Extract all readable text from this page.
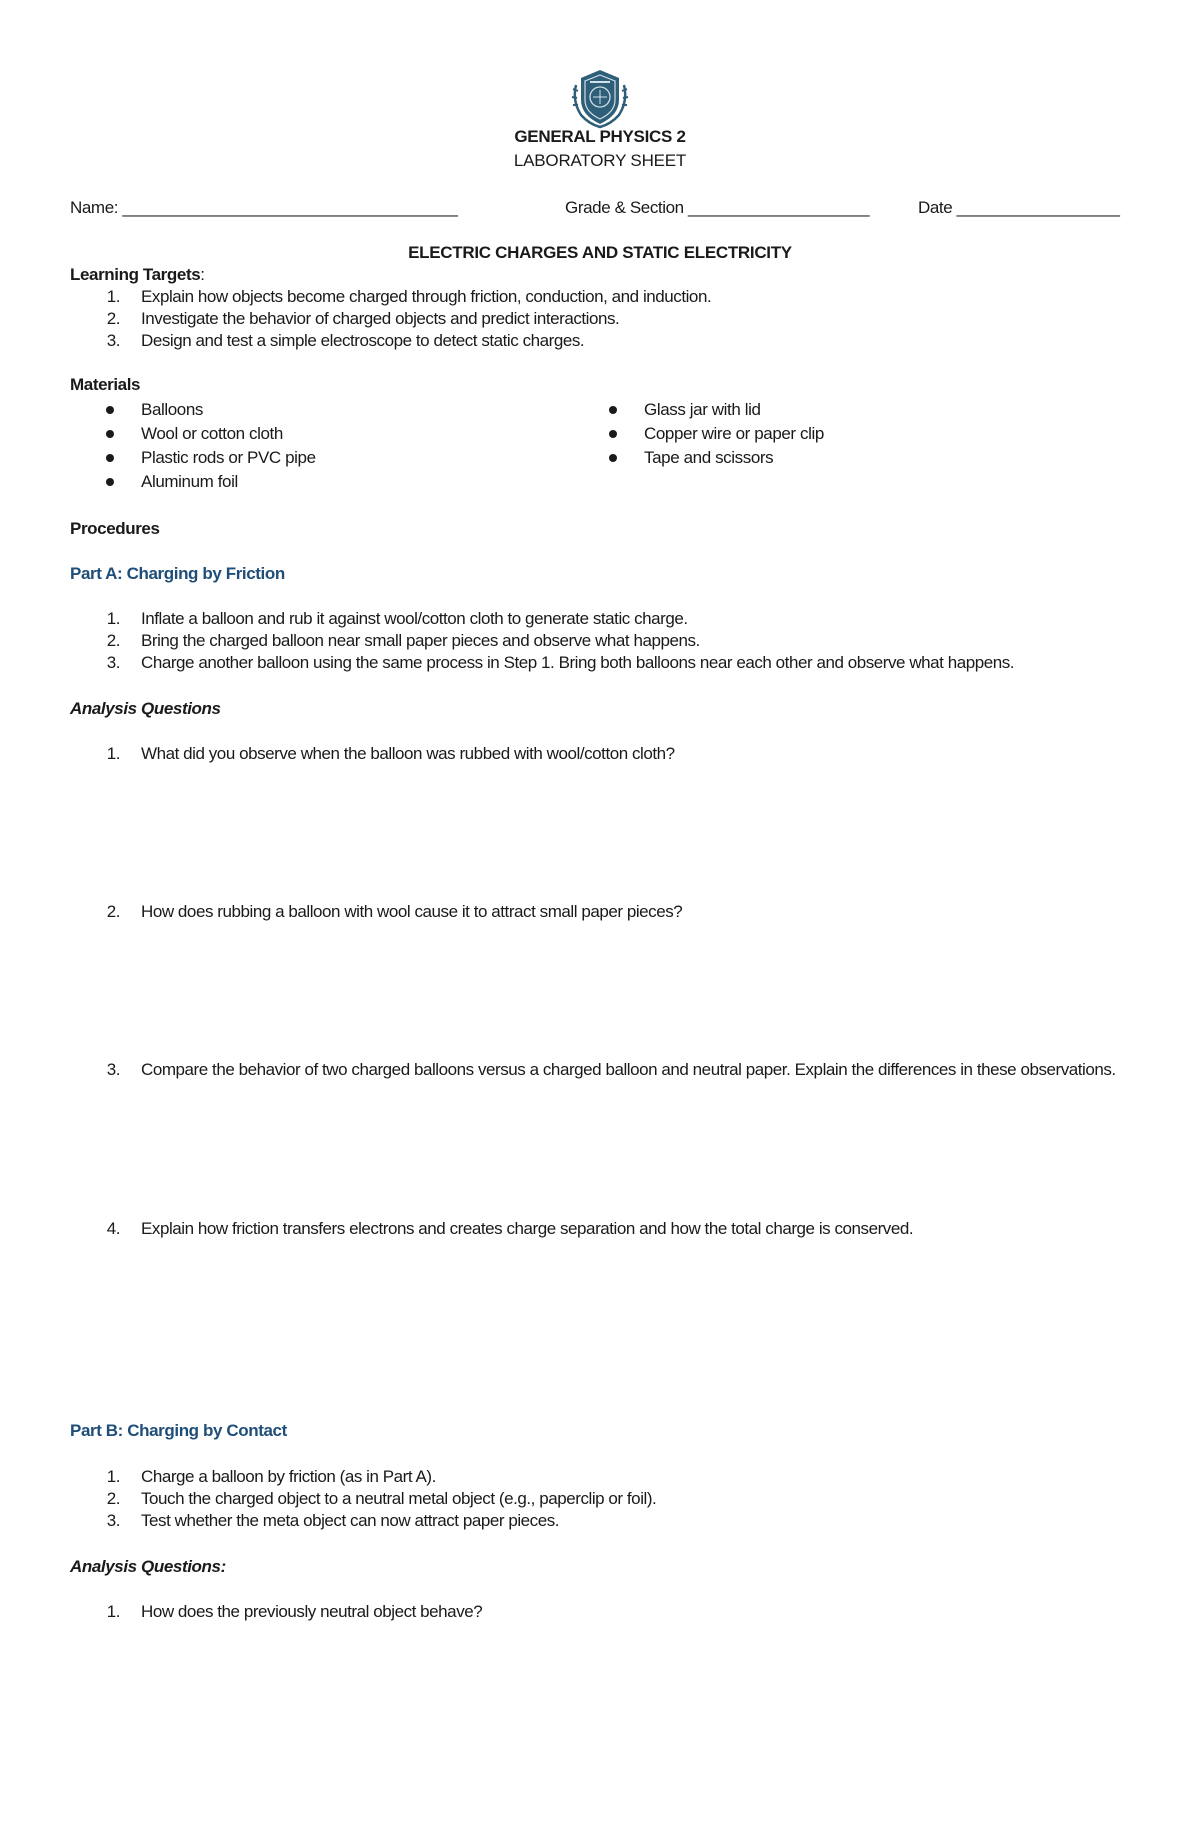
GENERAL PHYSICS 2
LABORATORY SHEET
Name: _____________________________________	Grade & Section ____________________	Date __________________
ELECTRIC CHARGES AND STATIC ELECTRICITY
Learning Targets:
1. Explain how objects become charged through friction, conduction, and induction.
2. Investigate the behavior of charged objects and predict interactions.
3. Design and test a simple electroscope to detect static charges.
Materials
Balloons
Wool or cotton cloth
Plastic rods or PVC pipe
Aluminum foil
Glass jar with lid
Copper wire or paper clip
Tape and scissors
Procedures
Part A: Charging by Friction
1. Inflate a balloon and rub it against wool/cotton cloth to generate static charge.
2. Bring the charged balloon near small paper pieces and observe what happens.
3. Charge another balloon using the same process in Step 1. Bring both balloons near each other and observe what happens.
Analysis Questions
1. What did you observe when the balloon was rubbed with wool/cotton cloth?
2. How does rubbing a balloon with wool cause it to attract small paper pieces?
3. Compare the behavior of two charged balloons versus a charged balloon and neutral paper. Explain the differences in these observations.
4. Explain how friction transfers electrons and creates charge separation and how the total charge is conserved.
Part B: Charging by Contact
1. Charge a balloon by friction (as in Part A).
2. Touch the charged object to a neutral metal object (e.g., paperclip or foil).
3. Test whether the meta object can now attract paper pieces.
Analysis Questions:
1. How does the previously neutral object behave?
